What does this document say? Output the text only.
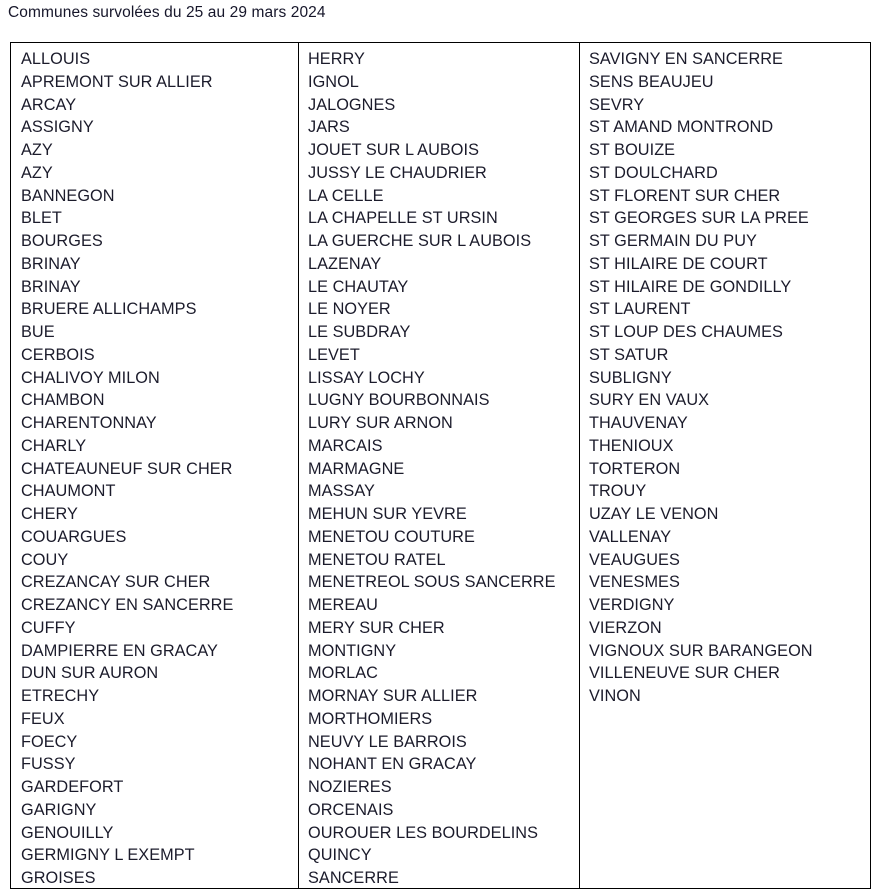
Communes survolées du 25 au 29 mars 2024
ALLOUIS
APREMONT SUR ALLIER
ARCAY
ASSIGNY
AZY
AZY
BANNEGON
BLET
BOURGES
BRINAY
BRINAY
BRUERE ALLICHAMPS
BUE
CERBOIS
CHALIVOY MILON
CHAMBON
CHARENTONNAY
CHARLY
CHATEAUNEUF SUR CHER
CHAUMONT
CHERY
COUARGUES
COUY
CREZANCAY SUR CHER
CREZANCY EN SANCERRE
CUFFY
DAMPIERRE EN GRACAY
DUN SUR AURON
ETRECHY
FEUX
FOECY
FUSSY
GARDEFORT
GARIGNY
GENOUILLY
GERMIGNY L EXEMPT
GROISES
HERRY
IGNOL
JALOGNES
JARS
JOUET SUR L AUBOIS
JUSSY LE CHAUDRIER
LA CELLE
LA CHAPELLE ST URSIN
LA GUERCHE SUR L AUBOIS
LAZENAY
LE CHAUTAY
LE NOYER
LE SUBDRAY
LEVET
LISSAY LOCHY
LUGNY BOURBONNAIS
LURY SUR ARNON
MARCAIS
MARMAGNE
MASSAY
MEHUN SUR YEVRE
MENETOU COUTURE
MENETOU RATEL
MENETREOL SOUS SANCERRE
MEREAU
MERY SUR CHER
MONTIGNY
MORLAC
MORNAY SUR ALLIER
MORTHOMIERS
NEUVY LE BARROIS
NOHANT EN GRACAY
NOZIERES
ORCENAIS
OUROUER LES BOURDELINS
QUINCY
SANCERRE
SAVIGNY EN SANCERRE
SENS BEAUJEU
SEVRY
ST AMAND MONTROND
ST BOUIZE
ST DOULCHARD
ST FLORENT SUR CHER
ST GEORGES SUR LA PREE
ST GERMAIN DU PUY
ST HILAIRE DE COURT
ST HILAIRE DE GONDILLY
ST LAURENT
ST LOUP DES CHAUMES
ST SATUR
SUBLIGNY
SURY EN VAUX
THAUVENAY
THENIOUX
TORTERON
TROUY
UZAY LE VENON
VALLENAY
VEAUGUES
VENESMES
VERDIGNY
VIERZON
VIGNOUX SUR BARANGEON
VILLENEUVE SUR CHER
VINON
